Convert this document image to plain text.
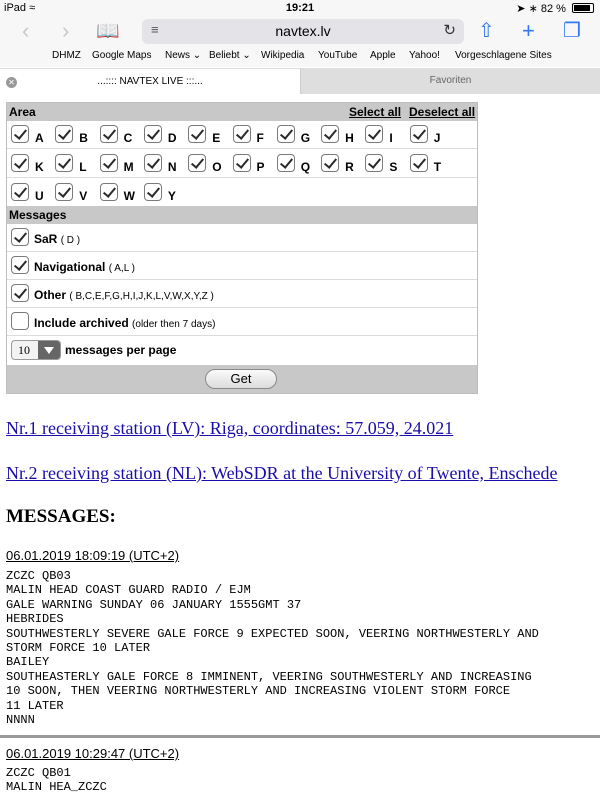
iPad ≈	19:21	➤ ∗ 82 %
‹ › 📖 ≡	navtex.lv	↻ ⇧ + ❐
DHMZ Google Maps News ⌄ Beliebt ⌄ Wikipedia YouTube Apple Yahoo! Vorgeschlagene Sites
✕
...:::: NAVTEX LIVE :::...	Favoriten
Area	Select all Deselect all
A	B	C	D	E	F	G	H	I	J
K	L	M	N	O	P	Q	R	S	T
U	V	W	Y
Messages
SaR ( D )
Navigational ( A,L )
Other ( B,C,E,F,G,H,I,J,K,L,V,W,X,Y,Z )
Include archived (older then 7 days)
10	messages per page
Get
Nr.1 receiving station (LV): Riga, coordinates: 57.059, 24.021
Nr.2 receiving station (NL): WebSDR at the University of Twente, Enschede
MESSAGES:
06.01.2019 18:09:19 (UTC+2)
ZCZC QB03
MALIN HEAD COAST GUARD RADIO / EJM
GALE WARNING SUNDAY 06 JANUARY 1555GMT 37
HEBRIDES
SOUTHWESTERLY SEVERE GALE FORCE 9 EXPECTED SOON, VEERING NORTHWESTERLY AND
STORM FORCE 10 LATER
BAILEY
SOUTHEASTERLY GALE FORCE 8 IMMINENT, VEERING SOUTHWESTERLY AND INCREASING
10 SOON, THEN VEERING NORTHWESTERLY AND INCREASING VIOLENT STORM FORCE
11 LATER
NNNN
06.01.2019 10:29:47 (UTC+2)
ZCZC QB01
MALIN HEA_ZCZC
